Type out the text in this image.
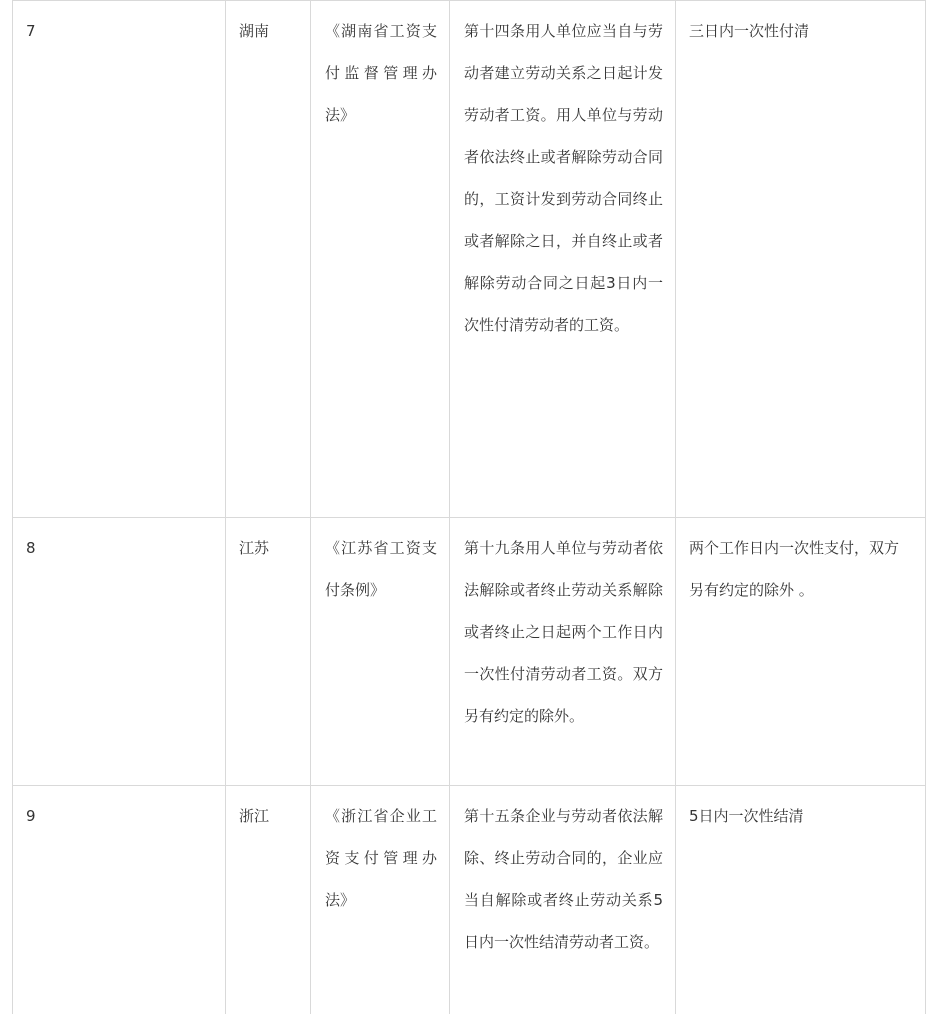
7	湖南	《湖南省工资支付监督管理办法》	第十四条用人单位应当自与劳动者建立劳动关系之日起计发劳动者工资。用人单位与劳动者依法终止或者解除劳动合同的，工资计发到劳动合同终止或者解除之日，并自终止或者解除劳动合同之日起3日内一次性付清劳动者的工资。	三日内一次性付清

8	江苏	《江苏省工资支付条例》	第十九条用人单位与劳动者依法解除或者终止劳动关系解除或者终止之日起两个工作日内一次性付清劳动者工资。双方另有约定的除外。	两个工作日内一次性支付，双方另有约定的除外 。

9	浙江	《浙江省企业工资支付管理办法》	第十五条企业与劳动者依法解除、终止劳动合同的，企业应当自解除或者终止劳动关系5日内一次性结清劳动者工资。	5日内一次性结清
